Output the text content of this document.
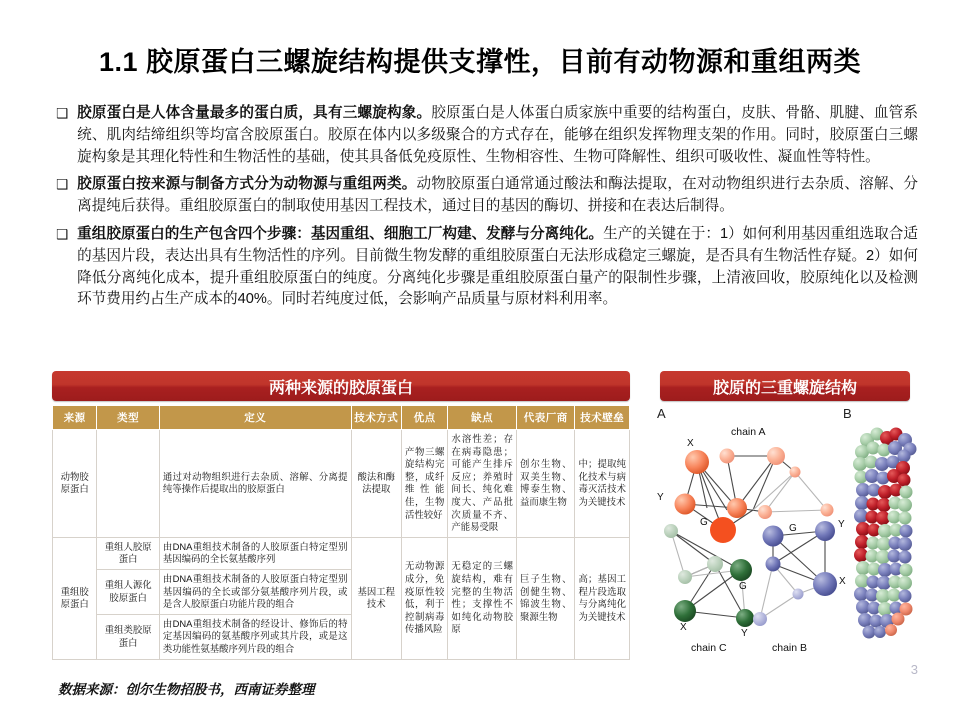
1.1 胶原蛋白三螺旋结构提供支撑性，目前有动物源和重组两类
❑ 胶原蛋白是人体含量最多的蛋白质，具有三螺旋构象。胶原蛋白是人体蛋白质家族中重要的结构蛋白，皮肤、骨骼、肌腱、血管系统、肌肉结缔组织等均富含胶原蛋白。胶原在体内以多级聚合的方式存在，能够在组织发挥物理支架的作用。同时，胶原蛋白三螺旋构象是其理化特性和生物活性的基础，使其具备低免疫原性、生物相容性、生物可降解性、组织可吸收性、凝血性等特性。
❑ 胶原蛋白按来源与制备方式分为动物源与重组两类。动物胶原蛋白通常通过酸法和酶法提取，在对动物组织进行去杂质、溶解、分离提纯后获得。重组胶原蛋白的制取使用基因工程技术，通过目的基因的酶切、拼接和在表达后制得。
❑ 重组胶原蛋白的生产包含四个步骤：基因重组、细胞工厂构建、发酵与分离纯化。生产的关键在于：1）如何利用基因重组选取合适的基因片段，表达出具有生物活性的序列。目前微生物发酵的重组胶原蛋白无法形成稳定三螺旋，是否具有生物活性存疑。2）如何降低分离纯化成本，提升重组胶原蛋白的纯度。分离纯化步骤是重组胶原蛋白量产的限制性步骤，上清液回收，胶原纯化以及检测环节费用约占生产成本的40%。同时若纯度过低，会影响产品质量与原材料利用率。
两种来源的胶原蛋白	胶原的三重螺旋结构
来源	类型	定义	技术方式	优点	缺点	代表厂商	技术壁垒
动物胶原蛋白		通过对动物组织进行去杂质、溶解、分离提纯等操作后提取出的胶原蛋白	酸法和酶法提取	产物三螺旋结构完整，成纤维性能佳，生物活性较好	水溶性差；存在病毒隐患；可能产生排斥反应；养殖时间长、纯化难度大、产品批次质量不齐、产能易受限	创尔生物、双美生物、博泰生物、益而康生物	中；提取纯化技术与病毒灭活技术为关键技术
重组胶原蛋白	重组人胶原蛋白	由DNA重组技术制备的人胶原蛋白特定型别基因编码的全长氨基酸序列	基因工程技术	无动物源成分，免疫原性较低，利于控制病毒传播风险	无稳定的三螺旋结构，难有完整的生物活性；支撑性不如纯化动物胶原	巨子生物、创健生物、锦波生物、聚源生物	高；基因工程片段选取与分离纯化为关键技术
	重组人源化胶原蛋白	由DNA重组技术制备的人胶原蛋白特定型别基因编码的全长或部分氨基酸序列片段，或是含人胶原蛋白功能片段的组合					
	重组类胶原蛋白	由DNA重组技术制备的经设计、修饰后的特定基因编码的氨基酸序列或其片段，或是这类功能性氨基酸序列片段的组合					
A	B
chain A
chain B
chain C
X
Y
G
G	Y
X
G
X
Y
数据来源：创尔生物招股书，西南证券整理
3
